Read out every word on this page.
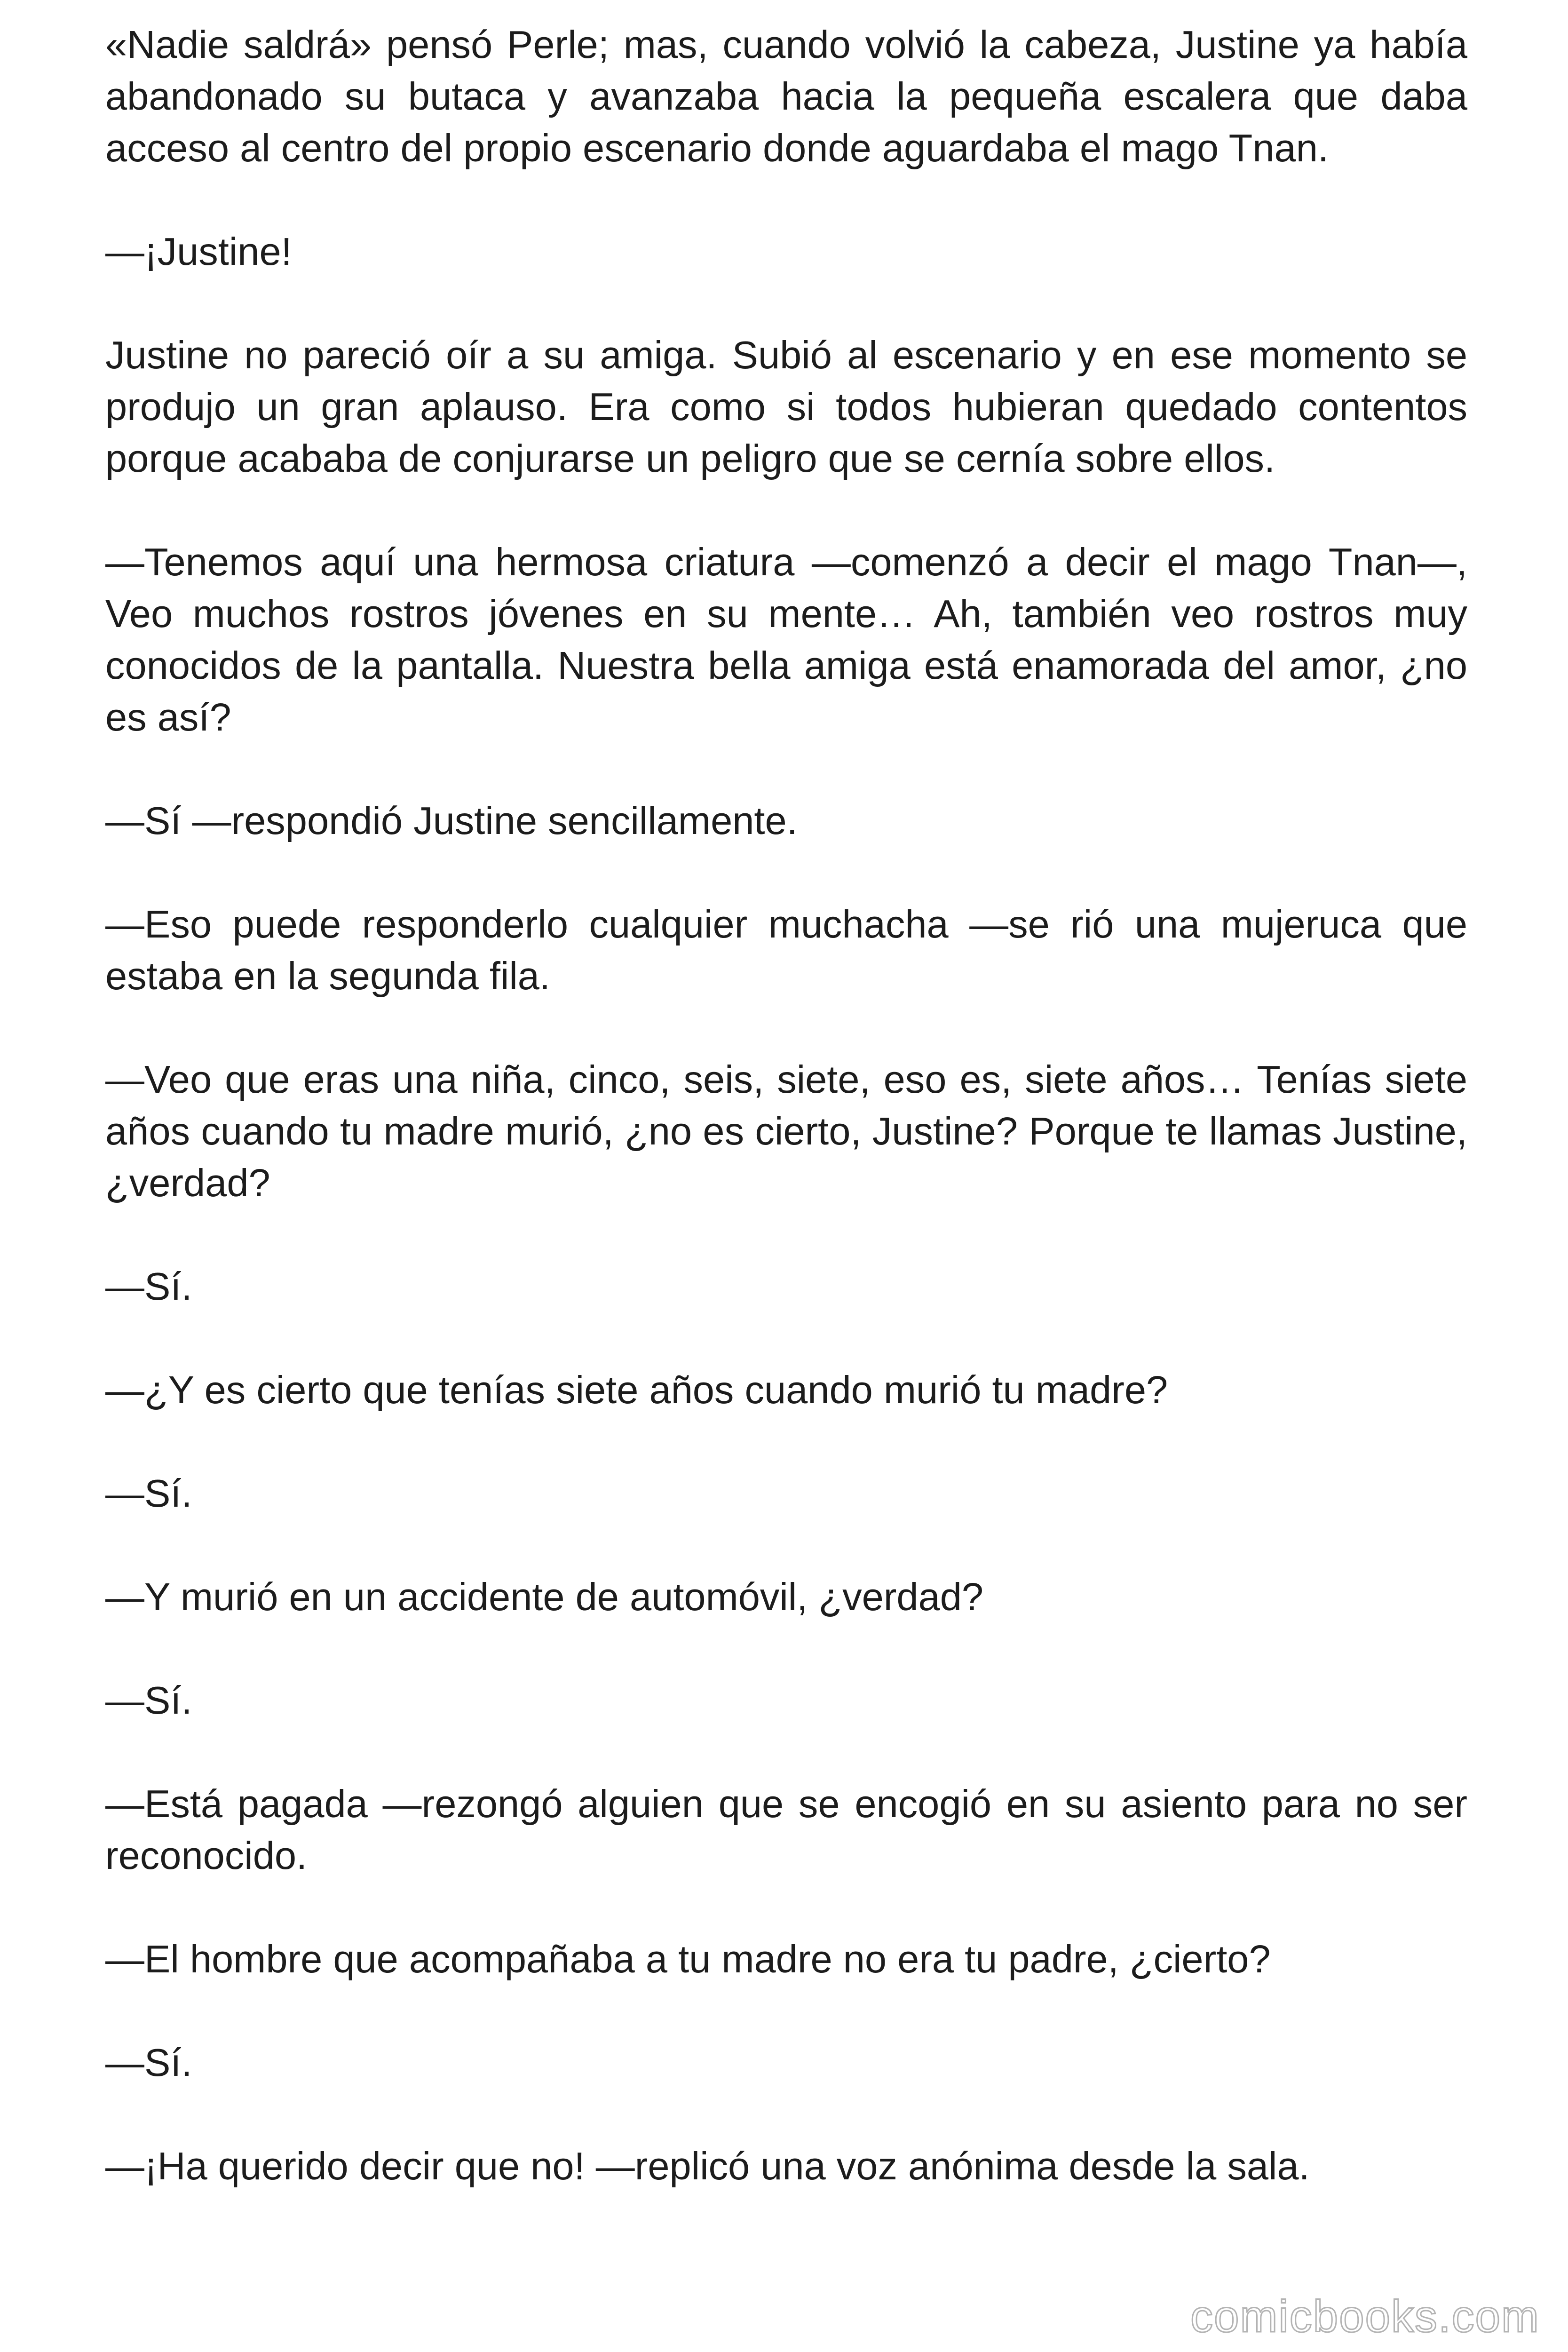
«Nadie saldrá» pensó Perle; mas, cuando volvió la cabeza, Justine ya había abandonado su butaca y avanzaba hacia la pequeña escalera que daba acceso al centro del propio escenario donde aguardaba el mago Tnan.

—¡Justine!

Justine no pareció oír a su amiga. Subió al escenario y en ese momento se produjo un gran aplauso. Era como si todos hubieran quedado contentos porque acababa de conjurarse un peligro que se cernía sobre ellos.

—Tenemos aquí una hermosa criatura —comenzó a decir el mago Tnan—, Veo muchos rostros jóvenes en su mente… Ah, también veo rostros muy conocidos de la pantalla. Nuestra bella amiga está enamorada del amor, ¿no es así?

—Sí —respondió Justine sencillamente.

—Eso puede responderlo cualquier muchacha —se rió una mujeruca que estaba en la segunda fila.

—Veo que eras una niña, cinco, seis, siete, eso es, siete años… Tenías siete años cuando tu madre murió, ¿no es cierto, Justine? Porque te llamas Justine, ¿verdad?

—Sí.

—¿Y es cierto que tenías siete años cuando murió tu madre?

—Sí.

—Y murió en un accidente de automóvil, ¿verdad?

—Sí.

—Está pagada —rezongó alguien que se encogió en su asiento para no ser reconocido.

—El hombre que acompañaba a tu madre no era tu padre, ¿cierto?

—Sí.

—¡Ha querido decir que no! —replicó una voz anónima desde la sala.

comicbooks.com
